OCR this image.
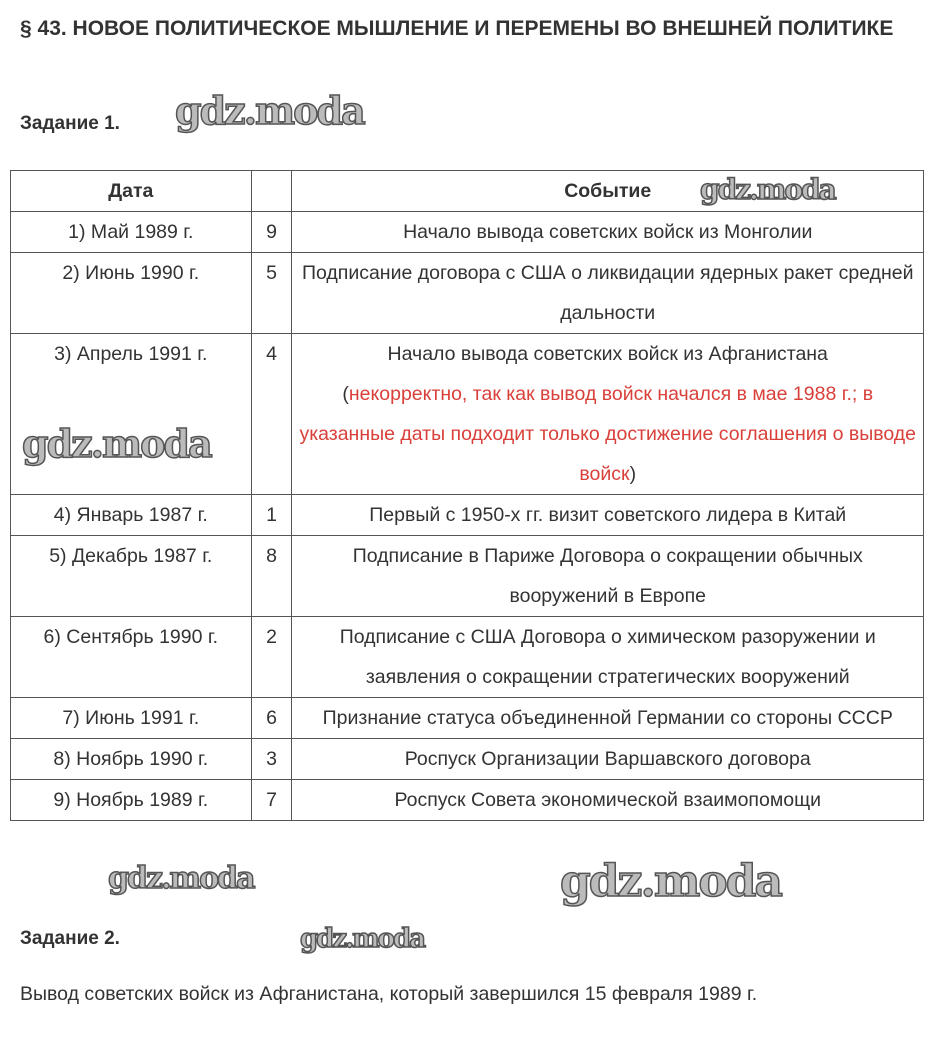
§ 43. НОВОЕ ПОЛИТИЧЕСКОЕ МЫШЛЕНИЕ И ПЕРЕМЕНЫ ВО ВНЕШНЕЙ ПОЛИТИКЕ
Задание 1.
Дата		Событие
1) Май 1989 г.	9	Начало вывода советских войск из Монголии
2) Июнь 1990 г.	5	Подписание договора с США о ликвидации ядерных ракет средней дальности
3) Апрель 1991 г.	4	Начало вывода советских войск из Афганистана
(некорректно, так как вывод войск начался в мае 1988 г.; в указанные даты подходит только достижение соглашения о выводе войск)
4) Январь 1987 г.	1	Первый с 1950-х гг. визит советского лидера в Китай
5) Декабрь 1987 г.	8	Подписание в Париже Договора о сокращении обычных вооружений в Европе
6) Сентябрь 1990 г.	2	Подписание с США Договора о химическом разоружении и заявления о сокращении стратегических вооружений
7) Июнь 1991 г.	6	Признание статуса объединенной Германии со стороны СССР
8) Ноябрь 1990 г.	3	Роспуск Организации Варшавского договора
9) Ноябрь 1989 г.	7	Роспуск Совета экономической взаимопомощи
Задание 2.

Вывод советских войск из Афганистана, который завершился 15 февраля 1989 г.

gdz.moda
gdz.moda
gdz.moda
gdz.moda
gdz.moda	gdz.moda
